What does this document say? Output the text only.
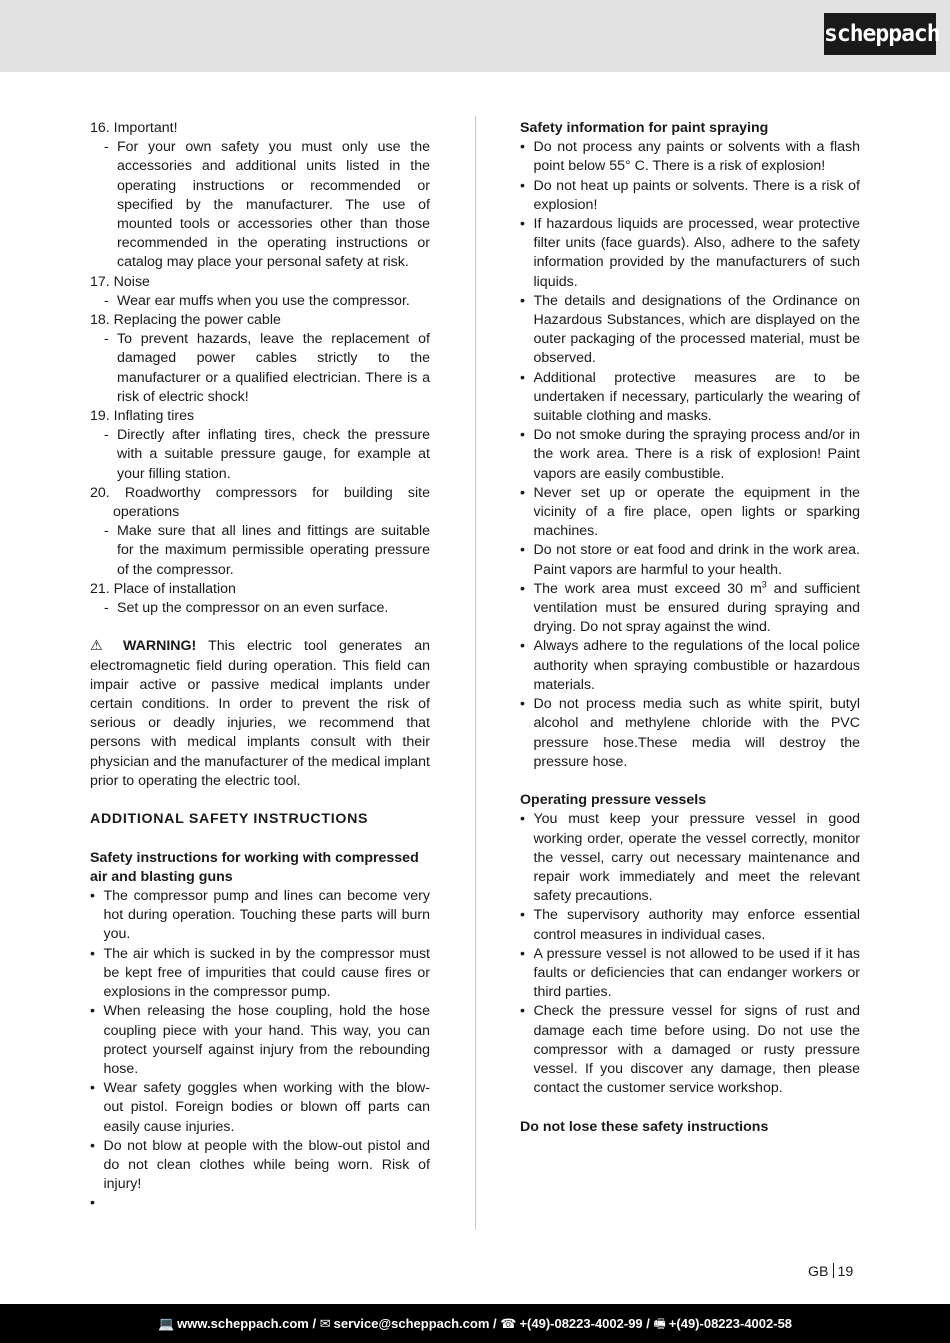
scheppach
16. Important!
- For your own safety you must only use the accessories and additional units listed in the operating instructions or recommended or specified by the manufacturer. The use of mounted tools or accessories other than those recommended in the operating instructions or catalog may place your personal safety at risk.
17. Noise
- Wear ear muffs when you use the compressor.
18. Replacing the power cable
- To prevent hazards, leave the replacement of damaged power cables strictly to the manufacturer or a qualified electrician. There is a risk of electric shock!
19. Inflating tires
- Directly after inflating tires, check the pressure with a suitable pressure gauge, for example at your filling station.
20. Roadworthy compressors for building site operations
- Make sure that all lines and fittings are suitable for the maximum permissible operating pressure of the compressor.
21. Place of installation
- Set up the compressor on an even surface.
⚠ WARNING! This electric tool generates an electromagnetic field during operation. This field can impair active or passive medical implants under certain conditions. In order to prevent the risk of serious or deadly injuries, we recommend that persons with medical implants consult with their physician and the manufacturer of the medical implant prior to operating the electric tool.
ADDITIONAL SAFETY INSTRUCTIONS
Safety instructions for working with compressed air and blasting guns
• The compressor pump and lines can become very hot during operation. Touching these parts will burn you.
• The air which is sucked in by the compressor must be kept free of impurities that could cause fires or explosions in the compressor pump.
• When releasing the hose coupling, hold the hose coupling piece with your hand. This way, you can protect yourself against injury from the rebounding hose.
• Wear safety goggles when working with the blow-out pistol. Foreign bodies or blown off parts can easily cause injuries.
• Do not blow at people with the blow-out pistol and do not clean clothes while being worn. Risk of injury!
•

Safety information for paint spraying
• Do not process any paints or solvents with a flash point below 55° C. There is a risk of explosion!
• Do not heat up paints or solvents. There is a risk of explosion!
• If hazardous liquids are processed, wear protective filter units (face guards). Also, adhere to the safety information provided by the manufacturers of such liquids.
• The details and designations of the Ordinance on Hazardous Substances, which are displayed on the outer packaging of the processed material, must be observed.
• Additional protective measures are to be undertaken if necessary, particularly the wearing of suitable clothing and masks.
• Do not smoke during the spraying process and/or in the work area. There is a risk of explosion! Paint vapors are easily combustible.
• Never set up or operate the equipment in the vicinity of a fire place, open lights or sparking machines.
• Do not store or eat food and drink in the work area. Paint vapors are harmful to your health.
• The work area must exceed 30 $m^3$ and sufficient ventilation must be ensured during spraying and drying. Do not spray against the wind.
• Always adhere to the regulations of the local police authority when spraying combustible or hazardous materials.
• Do not process media such as white spirit, butyl alcohol and methylene chloride with the PVC pressure hose.These media will destroy the pressure hose.
Operating pressure vessels
• You must keep your pressure vessel in good working order, operate the vessel correctly, monitor the vessel, carry out necessary maintenance and repair work immediately and meet the relevant safety precautions.
• The supervisory authority may enforce essential control measures in individual cases.
• A pressure vessel is not allowed to be used if it has faults or deficiencies that can endanger workers or third parties.
• Check the pressure vessel for signs of rust and damage each time before using. Do not use the compressor with a damaged or rusty pressure vessel. If you discover any damage, then please contact the customer service workshop.
Do not lose these safety instructions
GB 19
💻 www.scheppach.com / ✉ service@scheppach.com / ☎ +(49)-08223-4002-99 / 🖷 +(49)-08223-4002-58
